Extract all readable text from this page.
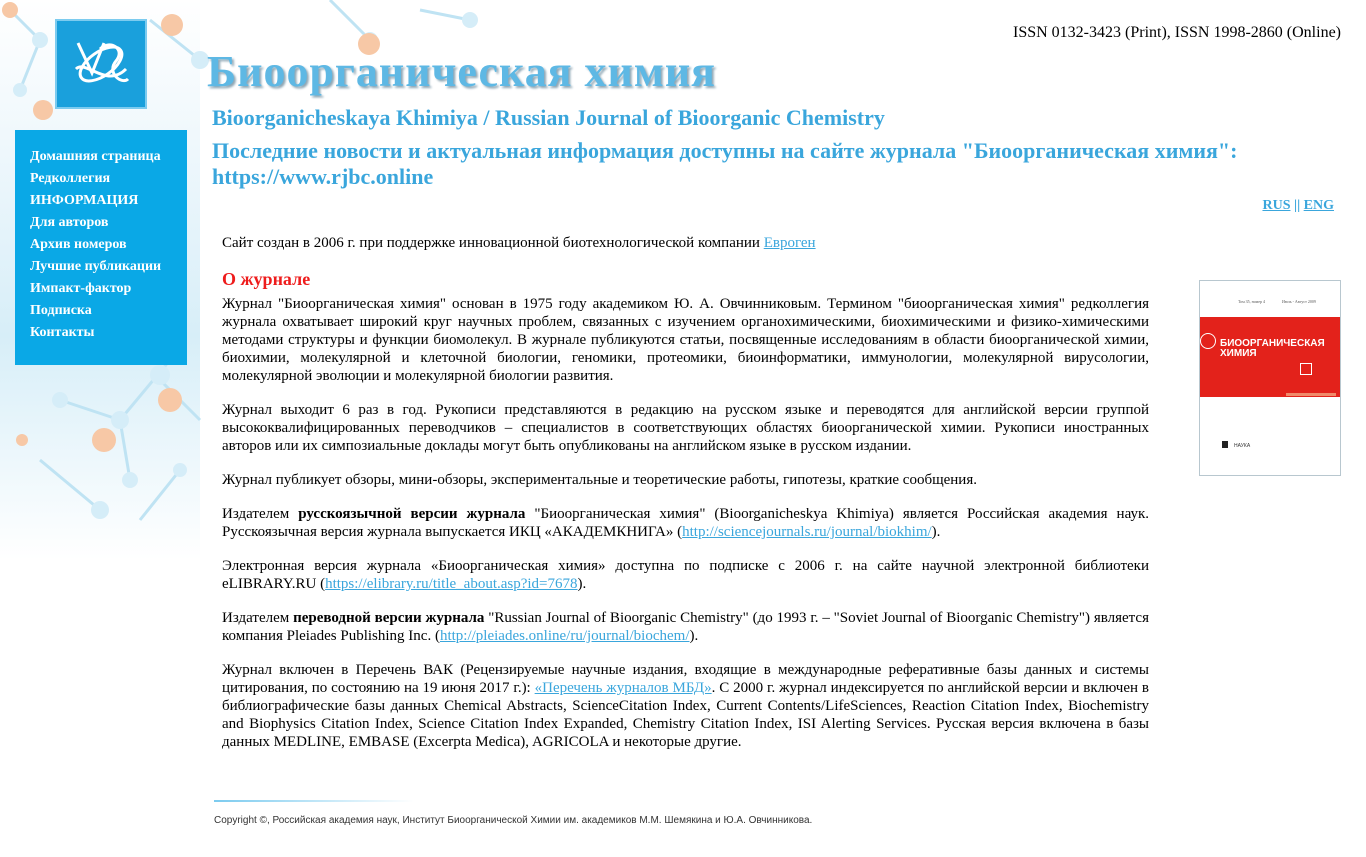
Биоорганическая химия
ISSN 0132-3423 (Print), ISSN 1998-2860 (Online)
Домашняя страница
Редколлегия
ИНФОРМАЦИЯ
Для авторов
Архив номеров
Лучшие публикации
Импакт-фактор
Подписка
Контакты
Bioorganicheskaya Khimiya / Russian Journal of Bioorganic Chemistry
Последние новости и актуальная информация доступны на сайте журнала "Биоорганическая химия": https://www.rjbc.online
RUS || ENG
Сайт создан в 2006 г. при поддержке инновационной биотехнологической компании Евроген
О журнале

Журнал "Биоорганическая химия" основан в 1975 году академиком Ю. А. Овчинниковым. Термином "биоорганическая химия" редколлегия журнала охватывает широкий круг научных проблем, связанных с изучением органохимическими, биохимическими и физико-химическими методами структуры и функции биомолекул. В журнале публикуются статьи, посвященные исследованиям в области биоорганической химии, биохимии, молекулярной и клеточной биологии, геномики, протеомики, биоинформатики, иммунологии, молекулярной вирусологии, молекулярной эволюции и молекулярной биологии развития.

Журнал выходит 6 раз в год. Рукописи представляются в редакцию на русском языке и переводятся для английской версии группой высококвалифицированных переводчиков – специалистов в соответствующих областях биоорганической химии. Рукописи иностранных авторов или их симпозиальные доклады могут быть опубликованы на английском языке в русском издании.

Журнал публикует обзоры, мини-обзоры, экспериментальные и теоретические работы, гипотезы, краткие сообщения.

Издателем русскоязычной версии журнала "Биоорганическая химия" (Bioorganicheskya Khimiya) является Российская академия наук. Русскоязычная версия журнала выпускается ИКЦ «АКАДЕМКНИГА» (http://sciencejournals.ru/journal/biokhim/).

Электронная версия журнала «Биоорганическая химия» доступна по подписке с 2006 г. на сайте научной электронной библиотеки eLIBRARY.RU (https://elibrary.ru/title_about.asp?id=7678).

Издателем переводной версии журнала "Russian Journal of Bioorganic Chemistry" (до 1993 г. – "Soviet Journal of Bioorganic Chemistry") является компания Pleiades Publishing Inc. (http://pleiades.online/ru/journal/biochem/).

Журнал включен в Перечень ВАК (Рецензируемые научные издания, входящие в международные реферативные базы данных и системы цитирования, по состоянию на 19 июня 2017 г.): «Перечень журналов МБД». С 2000 г. журнал индексируется по английской версии и включен в библиографические базы данных Chemical Abstracts, ScienceCitation Index, Current Contents/LifeSciences, Reaction Citation Index, Biochemistry and Biophysics Citation Index, Science Citation Index Expanded, Chemistry Citation Index, ISI Alerting Services. Русская версия включена в базы данных MEDLINE, EMBASE (Excerpta Medica), AGRICOLA и некоторые другие.

Том 35, номер 4	Июль - Август 2009
БИООРГАНИЧЕСКАЯ ХИМИЯ
НАУКА
Copyright ©, Российская академия наук, Институт Биоорганической Химии им. академиков М.М. Шемякина и Ю.А. Овчинникова.
